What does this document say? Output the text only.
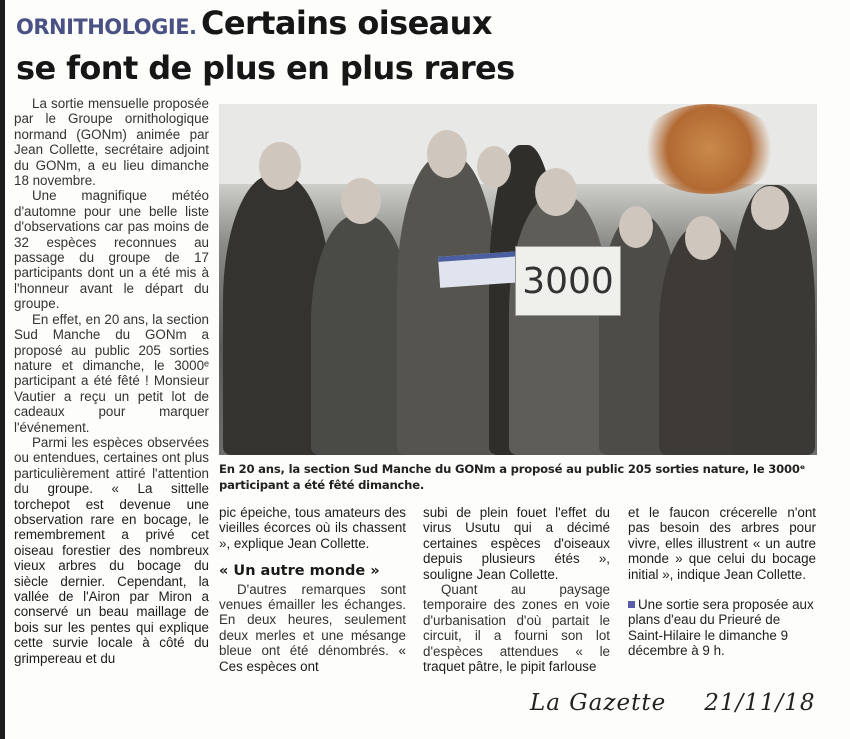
ORNITHOLOGIE. Certains oiseaux
se font de plus en plus rares

La sortie mensuelle proposée par le Groupe ornithologique normand (GONm) animée par Jean Collette, secrétaire adjoint du GONm, a eu lieu dimanche 18 novembre.

Une magnifique météo d'automne pour une belle liste d'observations car pas moins de 32 espèces reconnues au passage du groupe de 17 participants dont un a été mis à l'honneur avant le départ du groupe.

En effet, en 20 ans, la section Sud Manche du GONm a proposé au public 205 sorties nature et dimanche, le 3000ᵉ participant a été fêté ! Monsieur Vautier a reçu un petit lot de cadeaux pour marquer l'événement.

Parmi les espèces observées ou entendues, certaines ont plus particulièrement attiré l'attention du groupe. « La sittelle torchepot est devenue une observation rare en bocage, le remembrement a privé cet oiseau forestier des nombreux vieux arbres du bocage du siècle dernier. Cependant, la vallée de l'Airon par Miron a conservé un beau maillage de bois sur les pentes qui explique cette survie locale à côté du grimpereau et du

3000
En 20 ans, la section Sud Manche du GONm a proposé au public 205 sorties nature, le 3000ᵉ participant a été fêté dimanche.

pic épeiche, tous amateurs des vieilles écorces où ils chassent », explique Jean Collette.

« Un autre monde »

D'autres remarques sont venues émailler les échanges. En deux heures, seulement deux merles et une mésange bleue ont été dénombrés. « Ces espèces ont

subi de plein fouet l'effet du virus Usutu qui a décimé certaines espèces d'oiseaux depuis plusieurs étés », souligne Jean Collette.

Quant au paysage temporaire des zones en voie d'urbanisation d'où partait le circuit, il a fourni son lot d'espèces attendues « le traquet pâtre, le pipit farlouse

et le faucon crécerelle n'ont pas besoin des arbres pour vivre, elles illustrent « un autre monde » que celui du bocage initial », indique Jean Collette.

Une sortie sera proposée aux plans d'eau du Prieuré de Saint-Hilaire le dimanche 9 décembre à 9 h.

La Gazette 21/11/18
